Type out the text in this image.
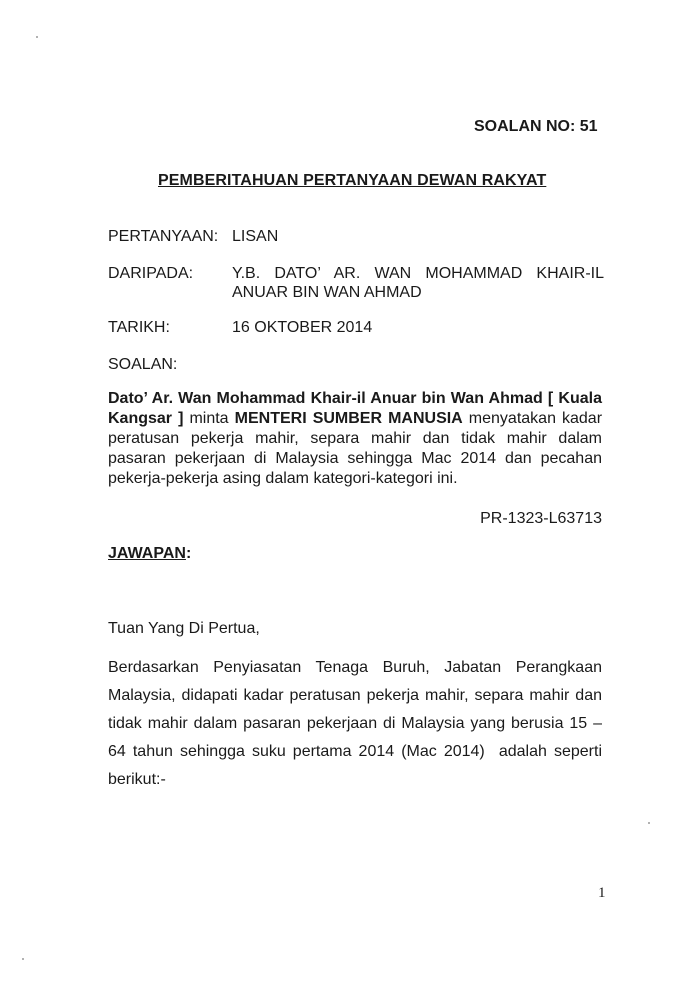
SOALAN NO: 51
PEMBERITAHUAN PERTANYAAN DEWAN RAKYAT
PERTANYAAN: LISAN
DARIPADA: Y.B.  DATO’  AR.  WAN  MOHAMMAD  KHAIR-IL
ANUAR BIN WAN AHMAD
TARIKH:	16 OKTOBER 2014
SOALAN:
Dato’ Ar. Wan Mohammad Khair-il Anuar bin Wan Ahmad [ Kuala
Kangsar ] minta MENTERI SUMBER MANUSIA menyatakan kadar
peratusan pekerja mahir, separa mahir dan tidak mahir dalam
pasaran pekerjaan di Malaysia sehingga Mac 2014 dan pecahan
pekerja-pekerja asing dalam kategori-kategori ini.
PR-1323-L63713
JAWAPAN:
Tuan Yang Di Pertua,
Berdasarkan Penyiasatan Tenaga Buruh, Jabatan Perangkaan
Malaysia, didapati kadar peratusan pekerja mahir, separa mahir dan
tidak mahir dalam pasaran pekerjaan di Malaysia yang berusia 15 –
64 tahun sehingga suku pertama 2014 (Mac 2014)  adalah seperti
berikut:-
1
